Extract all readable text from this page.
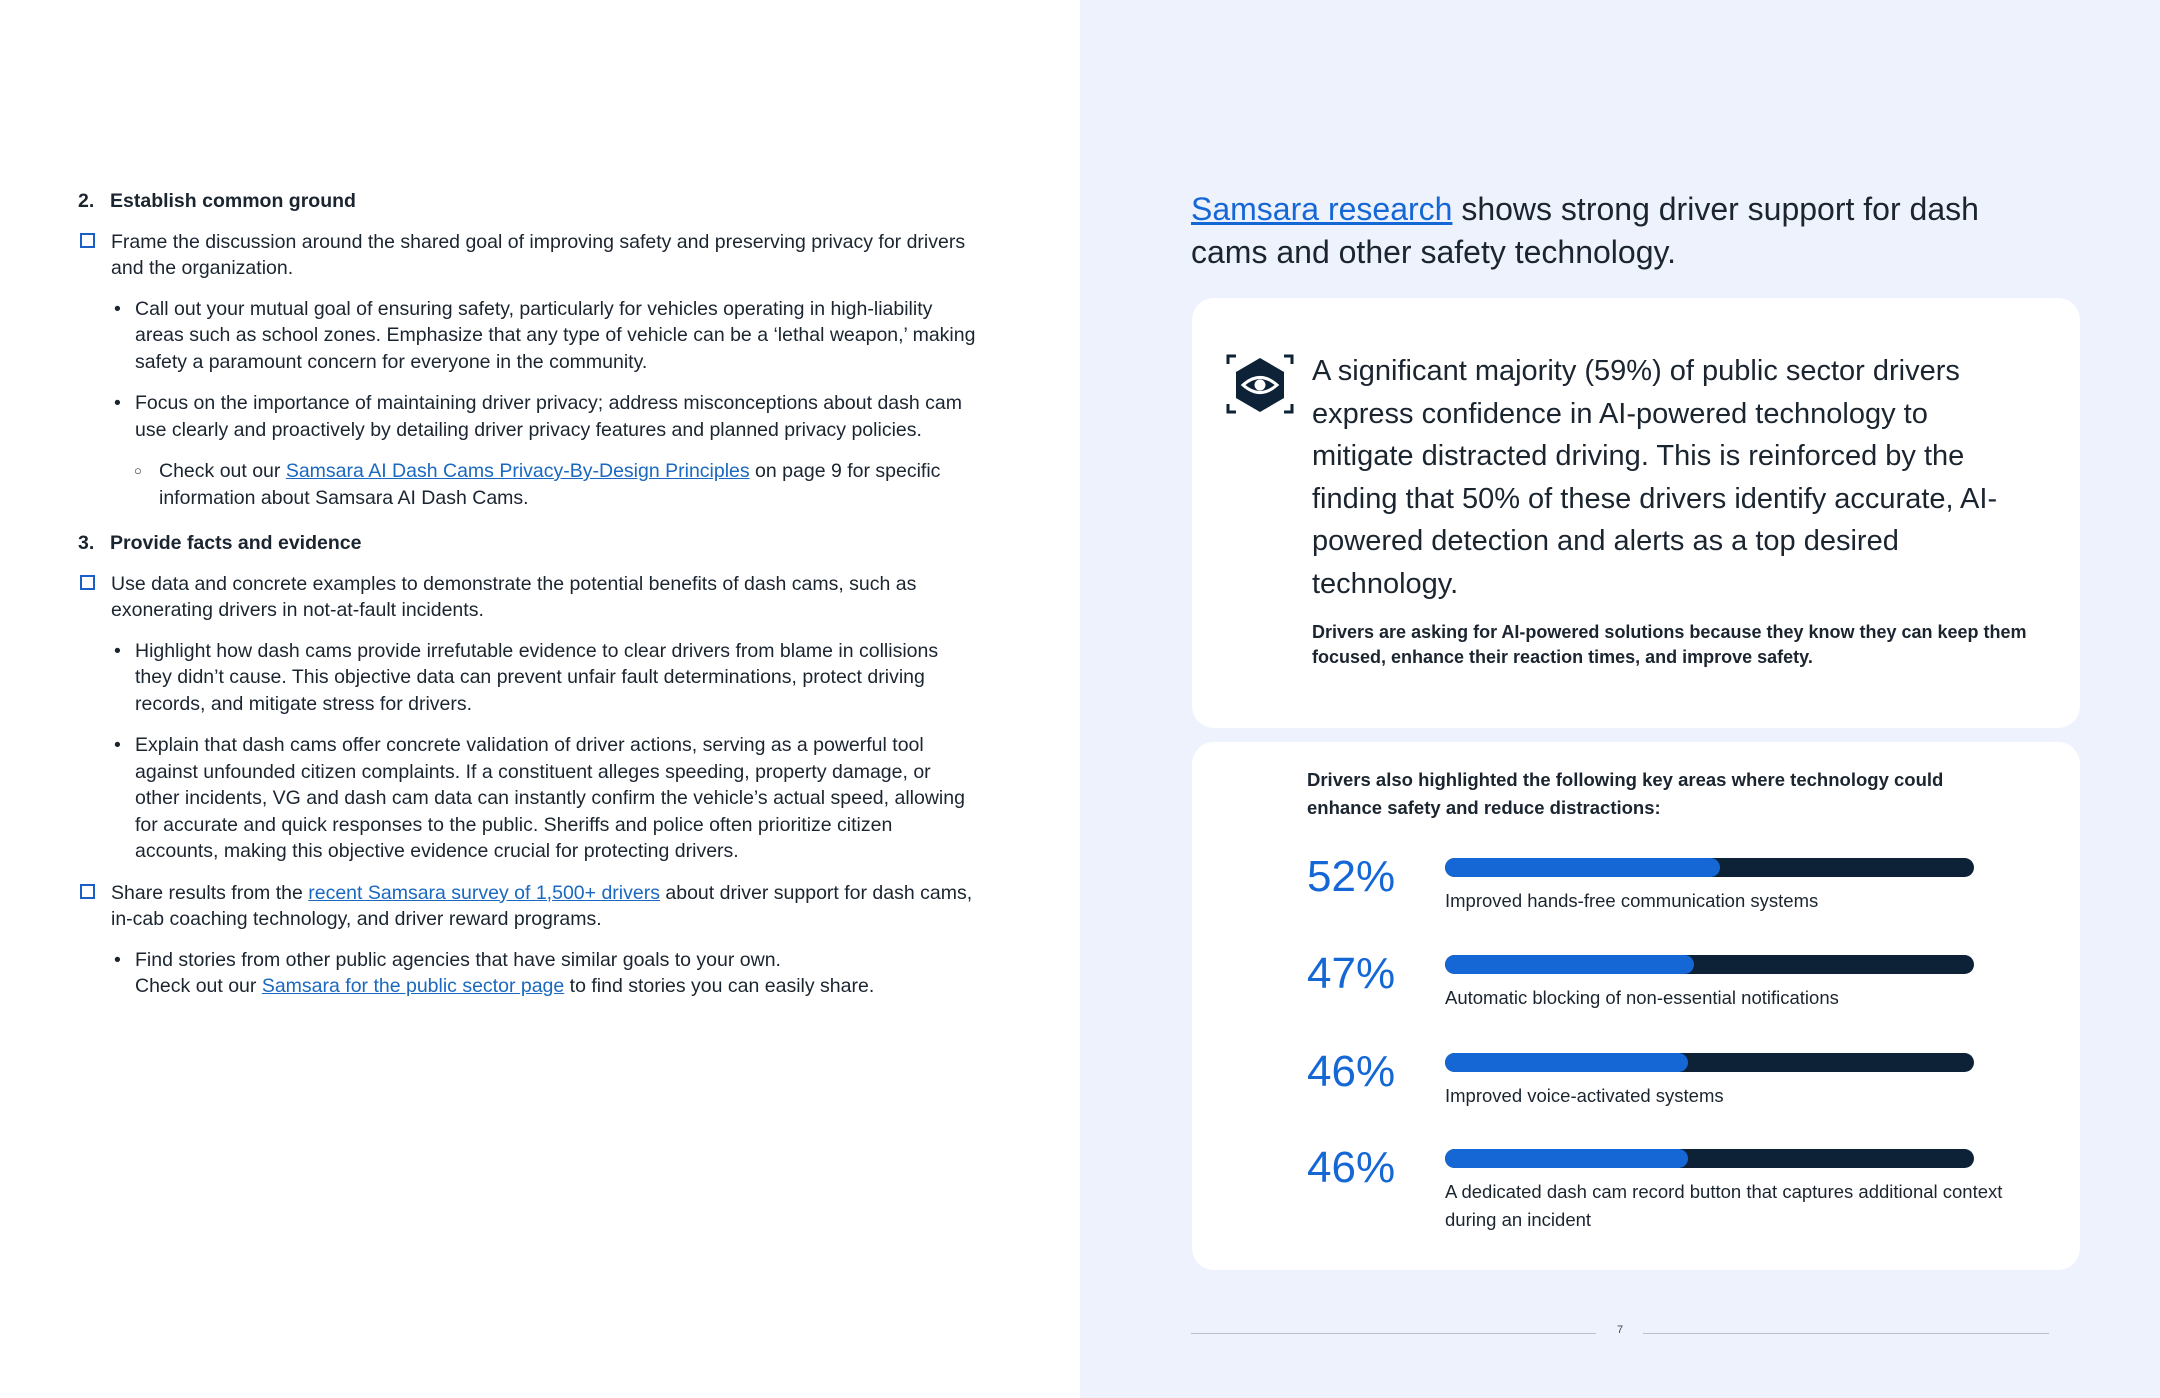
2. Establish common ground
Frame the discussion around the shared goal of improving safety and preserving privacy for drivers and the organization.
• Call out your mutual goal of ensuring safety, particularly for vehicles operating in high-liability areas such as school zones. Emphasize that any type of vehicle can be a ‘lethal weapon,’ making safety a paramount concern for everyone in the community.
• Focus on the importance of maintaining driver privacy; address misconceptions about dash cam use clearly and proactively by detailing driver privacy features and planned privacy policies.
○ Check out our Samsara AI Dash Cams Privacy-By-Design Principles on page 9 for specific information about Samsara AI Dash Cams.
3. Provide facts and evidence
Use data and concrete examples to demonstrate the potential benefits of dash cams, such as exonerating drivers in not-at-fault incidents.
• Highlight how dash cams provide irrefutable evidence to clear drivers from blame in collisions they didn’t cause. This objective data can prevent unfair fault determinations, protect driving records, and mitigate stress for drivers.
• Explain that dash cams offer concrete validation of driver actions, serving as a powerful tool against unfounded citizen complaints. If a constituent alleges speeding, property damage, or other incidents, VG and dash cam data can instantly confirm the vehicle’s actual speed, allowing for accurate and quick responses to the public. Sheriffs and police often prioritize citizen accounts, making this objective evidence crucial for protecting drivers.
Share results from the recent Samsara survey of 1,500+ drivers about driver support for dash cams, in-cab coaching technology, and driver reward programs.
• Find stories from other public agencies that have similar goals to your own.
Check out our Samsara for the public sector page to find stories you can easily share.
Samsara research shows strong driver support for dash cams and other safety technology.
A significant majority (59%) of public sector drivers express confidence in AI-powered technology to mitigate distracted driving. This is reinforced by the finding that 50% of these drivers identify accurate, AI-powered detection and alerts as a top desired technology.
Drivers are asking for AI-powered solutions because they know they can keep them focused, enhance their reaction times, and improve safety.
Drivers also highlighted the following key areas where technology could enhance safety and reduce distractions:
52%	Improved hands-free communication systems
47%	Automatic blocking of non-essential notifications
46%	Improved voice-activated systems
46%	A dedicated dash cam record button that captures additional context during an incident
7
